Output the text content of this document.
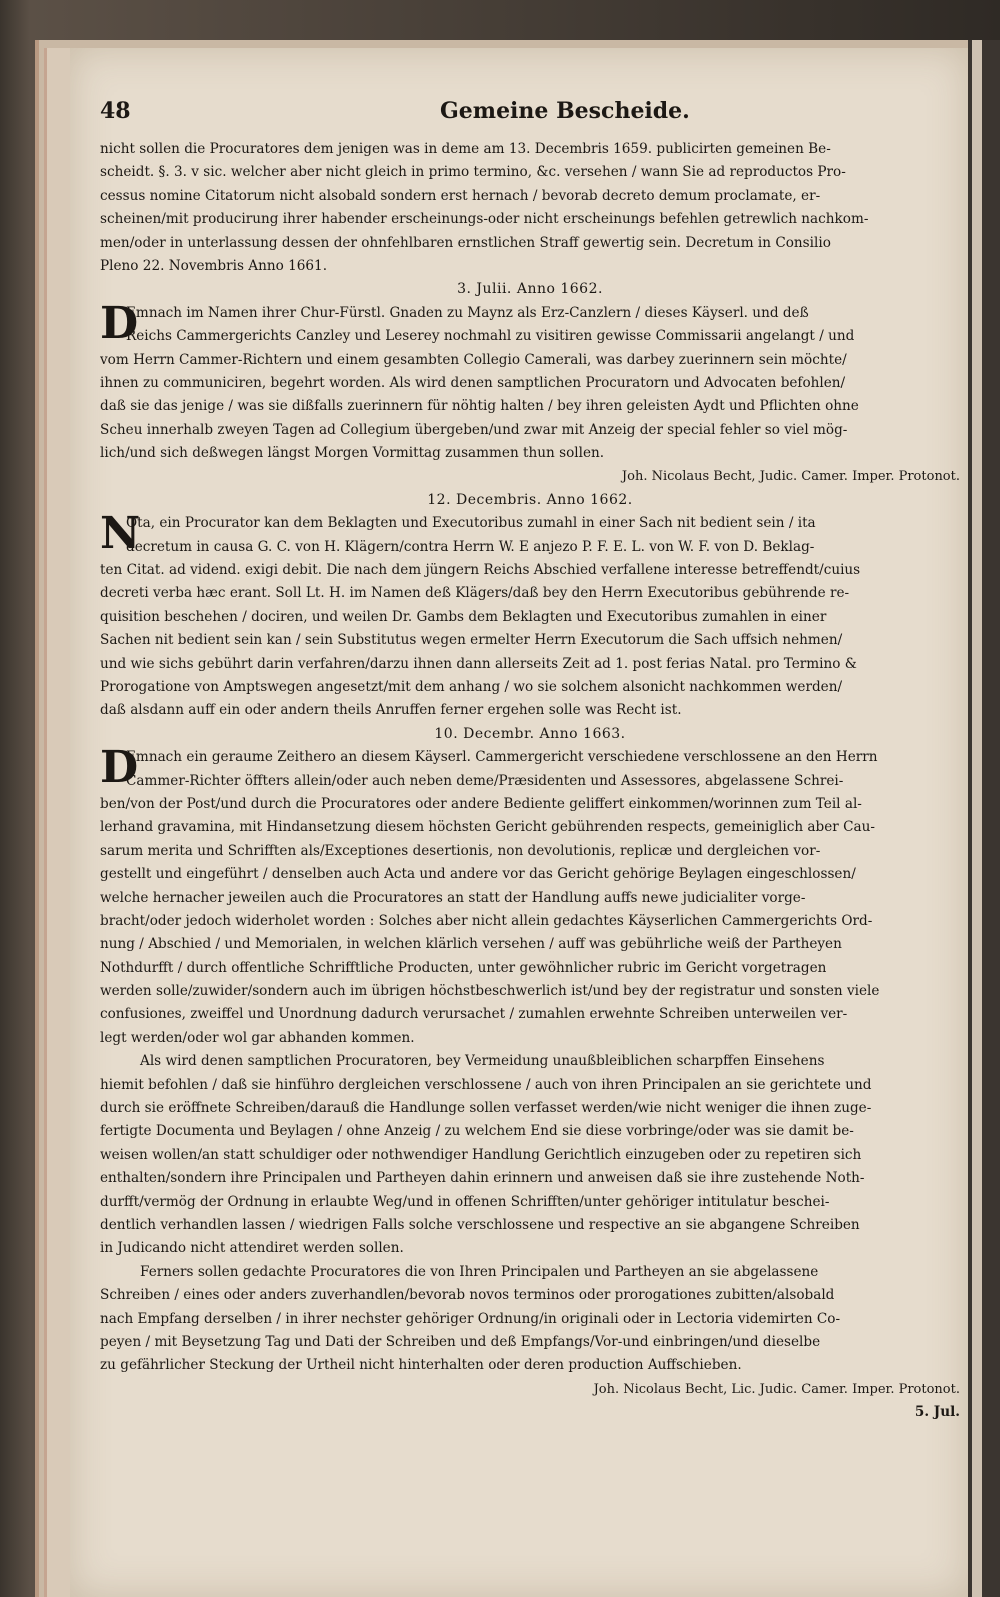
48	Gemeine Bescheide.
nicht sollen die Procuratores dem jenigen was in deme am 13. Decembris 1659. publicirten gemeinen Be-
scheidt. §. 3. v sic. welcher aber nicht gleich in primo termino, &c. versehen / wann Sie ad reproductos Pro-
cessus nomine Citatorum nicht alsobald sondern erst hernach / bevorab decreto demum proclamate, er-
scheinen/mit producirung ihrer habender erscheinungs-oder nicht erscheinungs befehlen getrewlich nachkom-
men/oder in unterlassung dessen der ohnfehlbaren ernstlichen Straff gewertig sein. Decretum in Consilio
Pleno 22. Novembris Anno 1661.
3. Julii. Anno 1662.
D
Emnach im Namen ihrer Chur-Fürstl. Gnaden zu Maynz als Erz-Canzlern / dieses Käyserl. und deß
Reichs Cammergerichts Canzley und Leserey nochmahl zu visitiren gewisse Commissarii angelangt / und
vom Herrn Cammer-Richtern und einem gesambten Collegio Camerali, was darbey zuerinnern sein möchte/
ihnen zu communiciren, begehrt worden. Als wird denen samptlichen Procuratorn und Advocaten befohlen/
daß sie das jenige / was sie dißfalls zuerinnern für nöhtig halten / bey ihren geleisten Aydt und Pflichten ohne
Scheu innerhalb zweyen Tagen ad Collegium übergeben/und zwar mit Anzeig der special fehler so viel mög-
lich/und sich deßwegen längst Morgen Vormittag zusammen thun sollen.
Joh. Nicolaus Becht, Judic. Camer. Imper. Protonot.
12. Decembris. Anno 1662.
N
Ota, ein Procurator kan dem Beklagten und Executoribus zumahl in einer Sach nit bedient sein / ita
decretum in causa G. C. von H. Klägern/contra Herrn W. E anjezo P. F. E. L. von W. F. von D. Beklag-
ten Citat. ad vidend. exigi debit. Die nach dem jüngern Reichs Abschied verfallene interesse betreffendt/cuius
decreti verba hæc erant. Soll Lt. H. im Namen deß Klägers/daß bey den Herrn Executoribus gebührende re-
quisition beschehen / dociren, und weilen Dr. Gambs dem Beklagten und Executoribus zumahlen in einer
Sachen nit bedient sein kan / sein Substitutus wegen ermelter Herrn Executorum die Sach uffsich nehmen/
und wie sichs gebührt darin verfahren/darzu ihnen dann allerseits Zeit ad 1. post ferias Natal. pro Termino &
Prorogatione von Amptswegen angesetzt/mit dem anhang / wo sie solchem alsonicht nachkommen werden/
daß alsdann auff ein oder andern theils Anruffen ferner ergehen solle was Recht ist.
10. Decembr. Anno 1663.
D
Emnach ein geraume Zeithero an diesem Käyserl. Cammergericht verschiedene verschlossene an den Herrn
Cammer-Richter öffters allein/oder auch neben deme/Præsidenten und Assessores, abgelassene Schrei-
ben/von der Post/und durch die Procuratores oder andere Bediente geliffert einkommen/worinnen zum Teil al-
lerhand gravamina, mit Hindansetzung diesem höchsten Gericht gebührenden respects, gemeiniglich aber Cau-
sarum merita und Schrifften als/Exceptiones desertionis, non devolutionis, replicæ und dergleichen vor-
gestellt und eingeführt / denselben auch Acta und andere vor das Gericht gehörige Beylagen eingeschlossen/
welche hernacher jeweilen auch die Procuratores an statt der Handlung auffs newe judicialiter vorge-
bracht/oder jedoch widerholet worden : Solches aber nicht allein gedachtes Käyserlichen Cammergerichts Ord-
nung / Abschied / und Memorialen, in welchen klärlich versehen / auff was gebührliche weiß der Partheyen
Nothdurfft / durch offentliche Schrifftliche Producten, unter gewöhnlicher rubric im Gericht vorgetragen
werden solle/zuwider/sondern auch im übrigen höchstbeschwerlich ist/und bey der registratur und sonsten viele
confusiones, zweiffel und Unordnung dadurch verursachet / zumahlen erwehnte Schreiben unterweilen ver-
legt werden/oder wol gar abhanden kommen.
Als wird denen samptlichen Procuratoren, bey Vermeidung unaußbleiblichen scharpffen Einsehens
hiemit befohlen / daß sie hinführo dergleichen verschlossene / auch von ihren Principalen an sie gerichtete und
durch sie eröffnete Schreiben/darauß die Handlunge sollen verfasset werden/wie nicht weniger die ihnen zuge-
fertigte Documenta und Beylagen / ohne Anzeig / zu welchem End sie diese vorbringe/oder was sie damit be-
weisen wollen/an statt schuldiger oder nothwendiger Handlung Gerichtlich einzugeben oder zu repetiren sich
enthalten/sondern ihre Principalen und Partheyen dahin erinnern und anweisen daß sie ihre zustehende Noth-
durfft/vermög der Ordnung in erlaubte Weg/und in offenen Schrifften/unter gehöriger intitulatur beschei-
dentlich verhandlen lassen / wiedrigen Falls solche verschlossene und respective an sie abgangene Schreiben
in Judicando nicht attendiret werden sollen.
Ferners sollen gedachte Procuratores die von Ihren Principalen und Partheyen an sie abgelassene
Schreiben / eines oder anders zuverhandlen/bevorab novos terminos oder prorogationes zubitten/alsobald
nach Empfang derselben / in ihrer nechster gehöriger Ordnung/in originali oder in Lectoria videmirten Co-
peyen / mit Beysetzung Tag und Dati der Schreiben und deß Empfangs/Vor-und einbringen/und dieselbe
zu gefährlicher Steckung der Urtheil nicht hinterhalten oder deren production Auffschieben.
Joh. Nicolaus Becht, Lic. Judic. Camer. Imper. Protonot.
5. Jul.
